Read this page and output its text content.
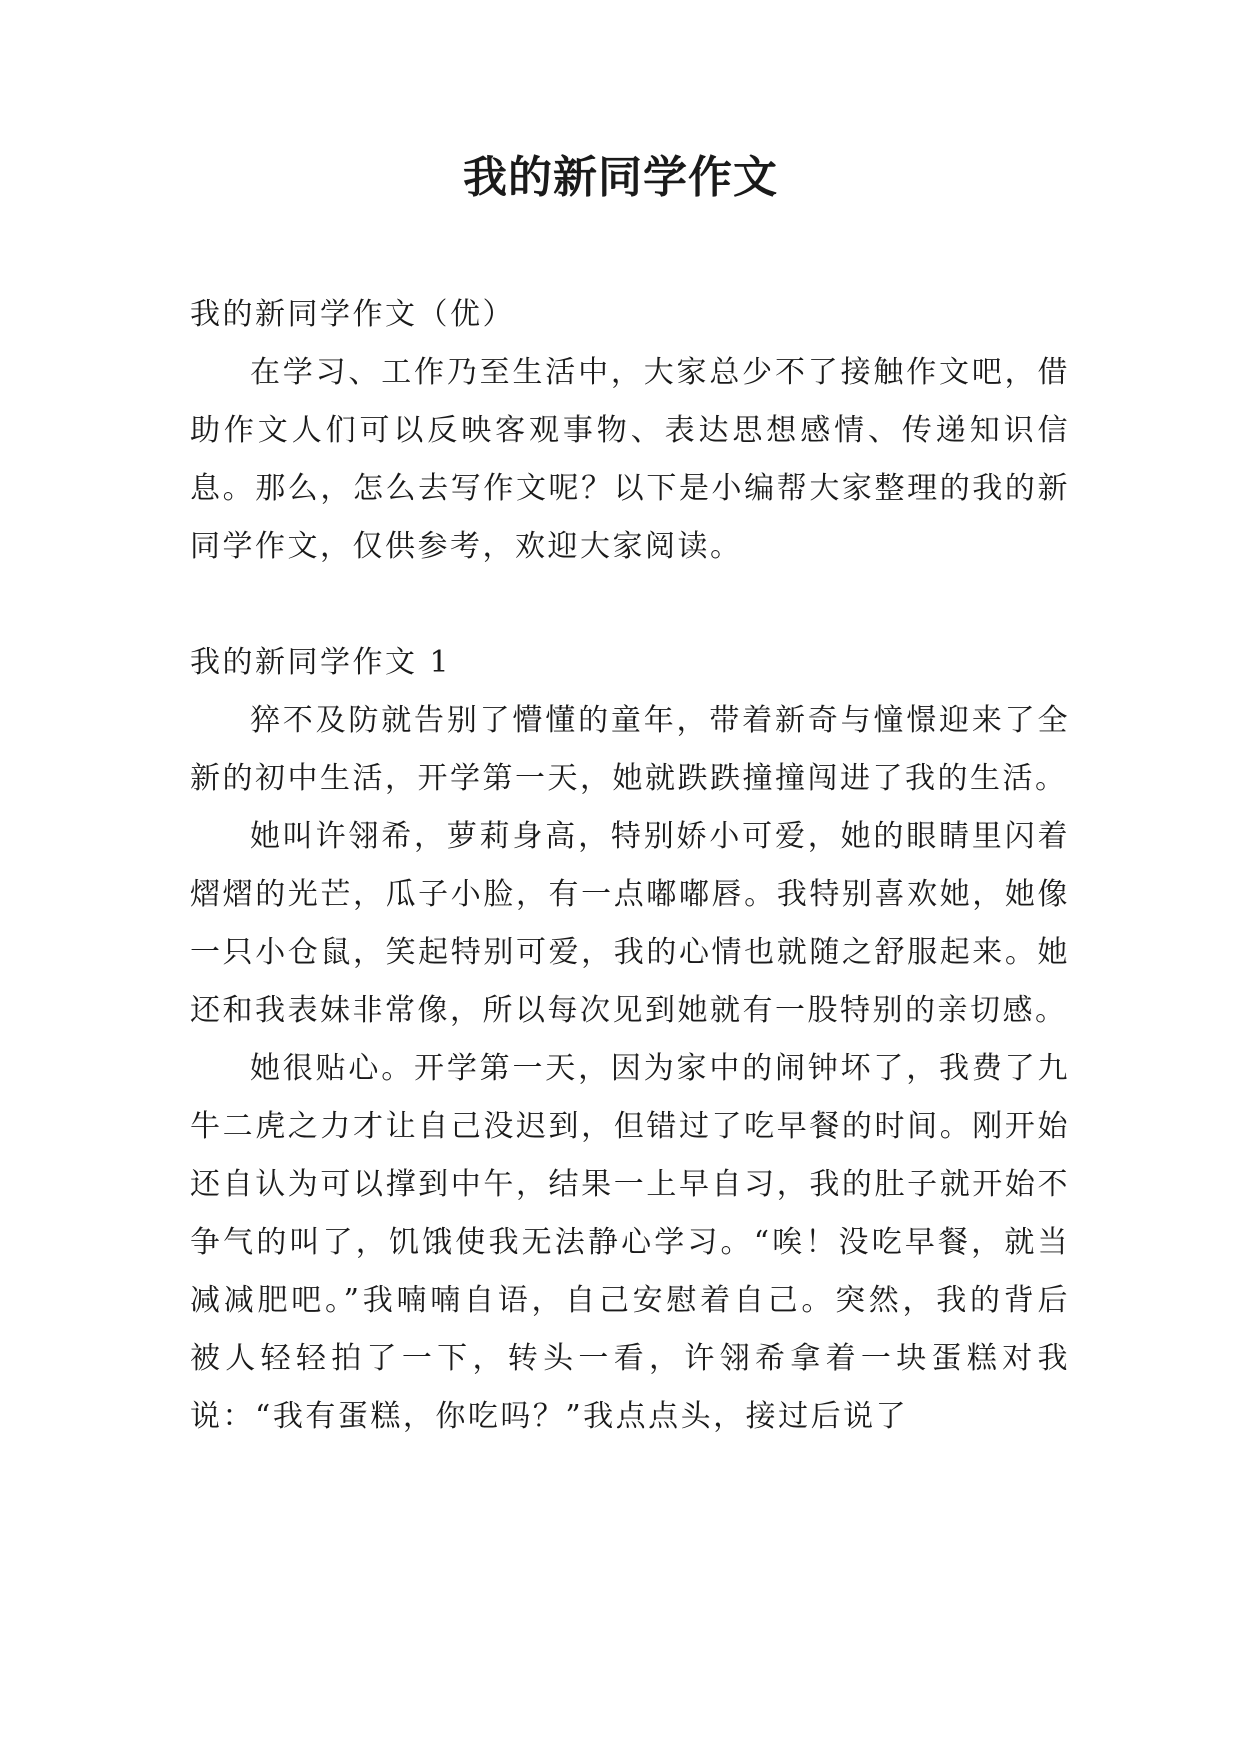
我的新同学作文

我的新同学作文（优）

在学习、工作乃至生活中，大家总少不了接触作文吧，借助作文人们可以反映客观事物、表达思想感情、传递知识信息。那么，怎么去写作文呢？以下是小编帮大家整理的我的新同学作文，仅供参考，欢迎大家阅读。

我的新同学作文 1

猝不及防就告别了懵懂的童年，带着新奇与憧憬迎来了全新的初中生活，开学第一天，她就跌跌撞撞闯进了我的生活。

她叫许翎希，萝莉身高，特别娇小可爱，她的眼睛里闪着熠熠的光芒，瓜子小脸，有一点嘟嘟唇。我特别喜欢她，她像一只小仓鼠，笑起特别可爱，我的心情也就随之舒服起来。她还和我表妹非常像，所以每次见到她就有一股特别的亲切感。

她很贴心。开学第一天，因为家中的闹钟坏了，我费了九牛二虎之力才让自己没迟到，但错过了吃早餐的时间。刚开始还自认为可以撑到中午，结果一上早自习，我的肚子就开始不争气的叫了，饥饿使我无法静心学习。“唉！没吃早餐，就当减减肥吧。”我喃喃自语，自己安慰着自己。突然，我的背后被人轻轻拍了一下，转头一看，许翎希拿着一块蛋糕对我说：“我有蛋糕，你吃吗？”我点点头，接过后说了
